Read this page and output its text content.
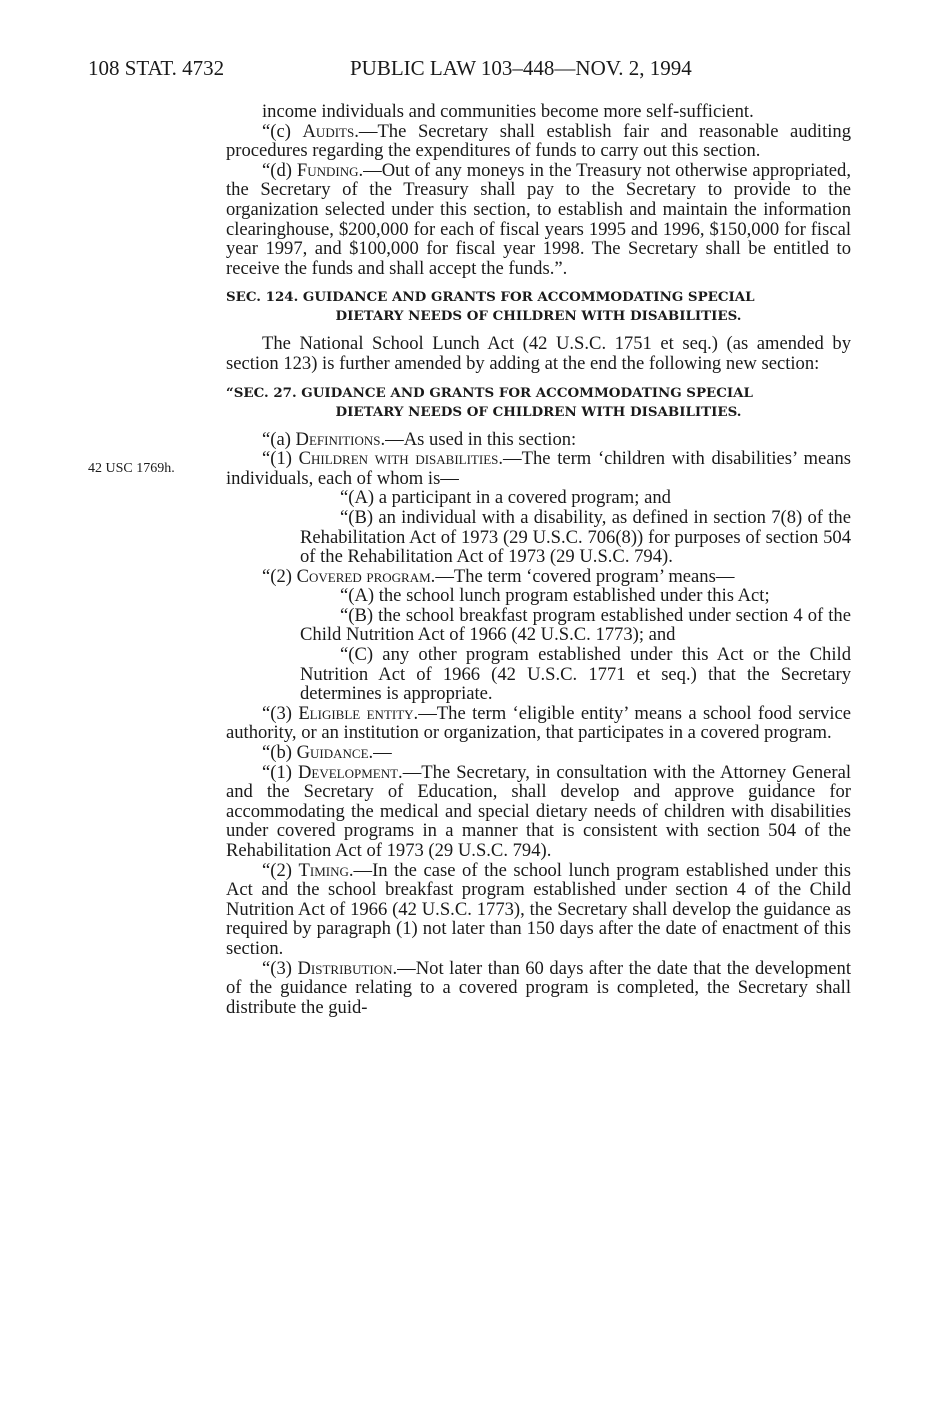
108 STAT. 4732	PUBLIC LAW 103–448—NOV. 2, 1994
42 USC 1769h.

income individuals and communities become more self-sufficient.

“(c) Audits.—The Secretary shall establish fair and reasonable auditing procedures regarding the expenditures of funds to carry out this section.

“(d) Funding.—Out of any moneys in the Treasury not otherwise appropriated, the Secretary of the Treasury shall pay to the Secretary to provide to the organization selected under this section, to establish and maintain the information clearinghouse, $200,000 for each of fiscal years 1995 and 1996, $150,000 for fiscal year 1997, and $100,000 for fiscal year 1998. The Secretary shall be entitled to receive the funds and shall accept the funds.”.

SEC. 124. GUIDANCE AND GRANTS FOR ACCOMMODATING SPECIAL
DIETARY NEEDS OF CHILDREN WITH DISABILITIES.

The National School Lunch Act (42 U.S.C. 1751 et seq.) (as amended by section 123) is further amended by adding at the end the following new section:

“SEC. 27. GUIDANCE AND GRANTS FOR ACCOMMODATING SPECIAL
DIETARY NEEDS OF CHILDREN WITH DISABILITIES.

“(a) Definitions.—As used in this section:

“(1) Children with disabilities.—The term ‘children with disabilities’ means individuals, each of whom is—

“(A) a participant in a covered program; and

“(B) an individual with a disability, as defined in section 7(8) of the Rehabilitation Act of 1973 (29 U.S.C. 706(8)) for purposes of section 504 of the Rehabilitation Act of 1973 (29 U.S.C. 794).

“(2) Covered program.—The term ‘covered program’ means—

“(A) the school lunch program established under this Act;

“(B) the school breakfast program established under section 4 of the Child Nutrition Act of 1966 (42 U.S.C. 1773); and

“(C) any other program established under this Act or the Child Nutrition Act of 1966 (42 U.S.C. 1771 et seq.) that the Secretary determines is appropriate.

“(3) Eligible entity.—The term ‘eligible entity’ means a school food service authority, or an institution or organization, that participates in a covered program.

“(b) Guidance.—

“(1) Development.—The Secretary, in consultation with the Attorney General and the Secretary of Education, shall develop and approve guidance for accommodating the medical and special dietary needs of children with disabilities under covered programs in a manner that is consistent with section 504 of the Rehabilitation Act of 1973 (29 U.S.C. 794).

“(2) Timing.—In the case of the school lunch program established under this Act and the school breakfast program established under section 4 of the Child Nutrition Act of 1966 (42 U.S.C. 1773), the Secretary shall develop the guidance as required by paragraph (1) not later than 150 days after the date of enactment of this section.

“(3) Distribution.—Not later than 60 days after the date that the development of the guidance relating to a covered program is completed, the Secretary shall distribute the guid-
